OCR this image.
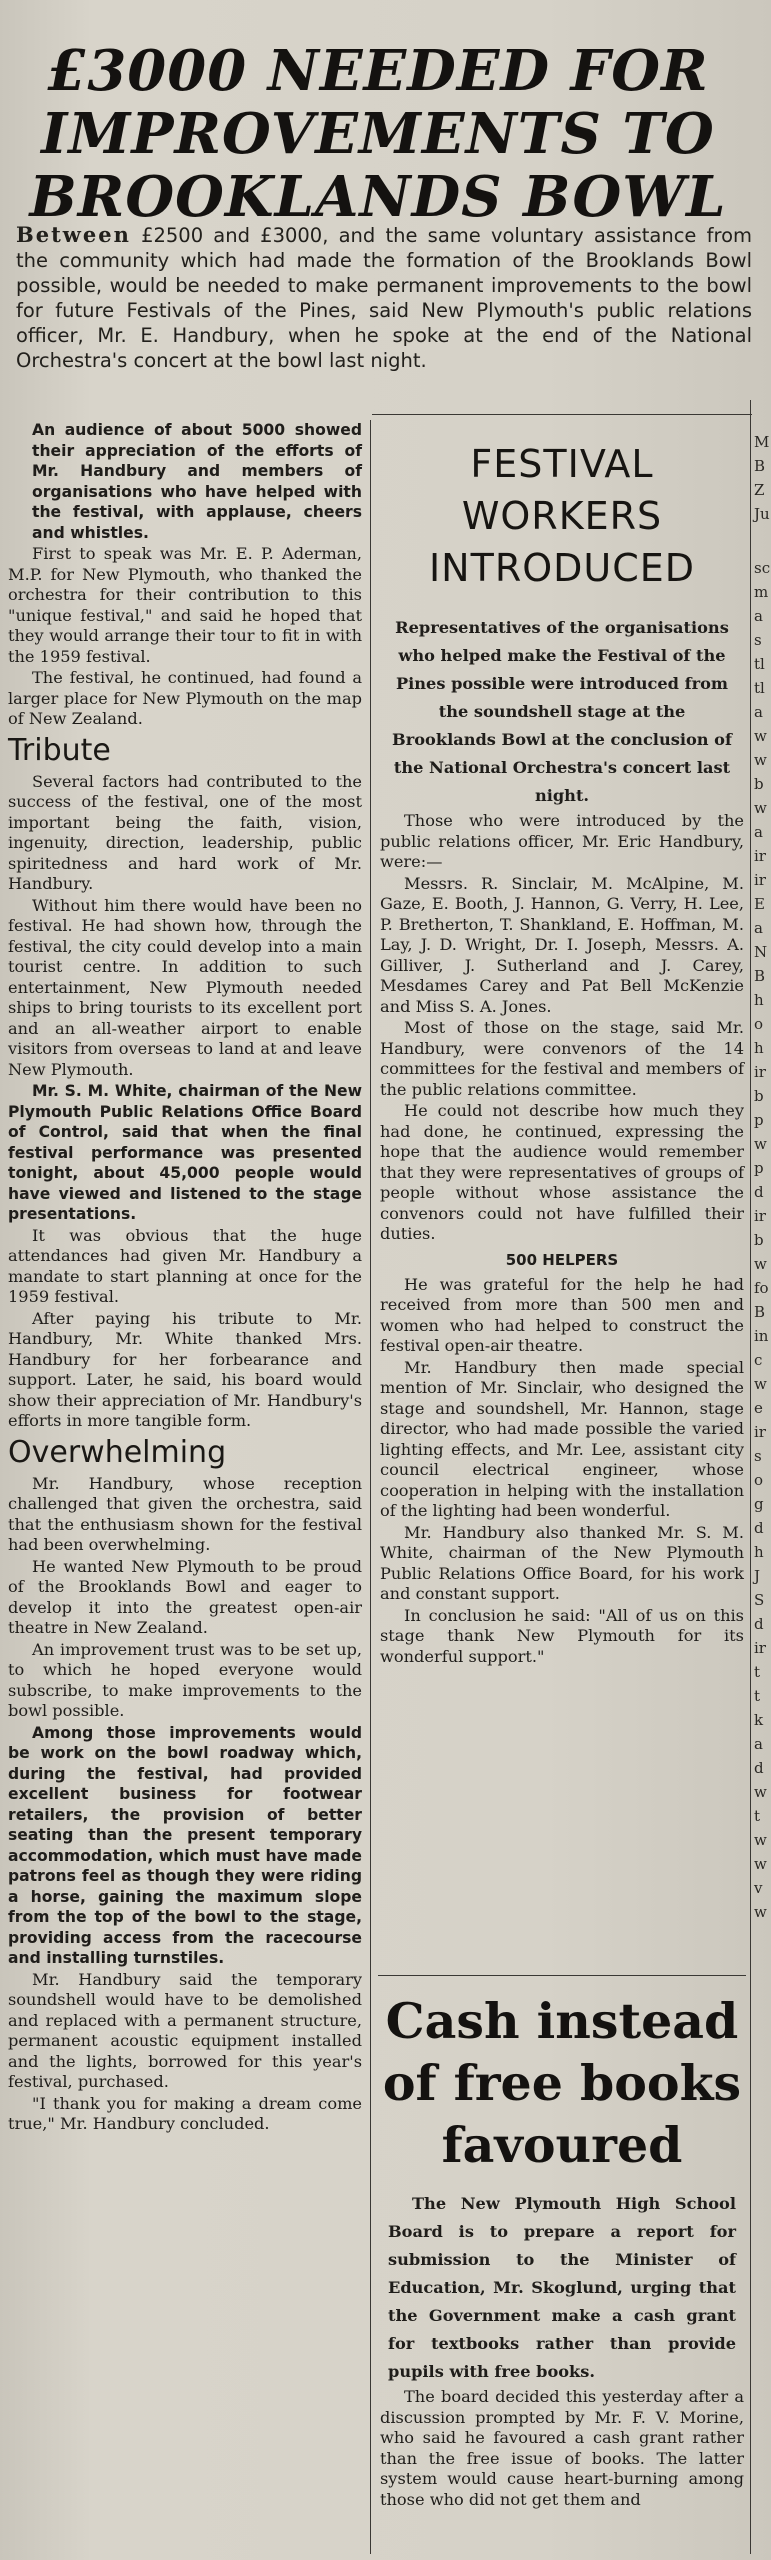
£3000 NEEDED FOR
IMPROVEMENTS TO
BROOKLANDS BOWL

Between £2500 and £3000, and the same voluntary assistance from the community which had made the formation of the Brooklands Bowl possible, would be needed to make permanent improvements to the bowl for future Festivals of the Pines, said New Plymouth's public relations officer, Mr. E. Handbury, when he spoke at the end of the National Orchestra's concert at the bowl last night.

An audience of about 5000 showed their appreciation of the efforts of Mr. Handbury and members of organisations who have helped with the festival, with applause, cheers and whistles.

First to speak was Mr. E. P. Aderman, M.P. for New Plymouth, who thanked the orchestra for their contribution to this "unique festival," and said he hoped that they would arrange their tour to fit in with the 1959 festival.

The festival, he continued, had found a larger place for New Plymouth on the map of New Zealand.

Tribute

Several factors had contributed to the success of the festival, one of the most important being the faith, vision, ingenuity, direction, leadership, public spiritedness and hard work of Mr. Handbury.

Without him there would have been no festival. He had shown how, through the festival, the city could develop into a main tourist centre. In addition to such entertainment, New Plymouth needed ships to bring tourists to its excellent port and an all-weather airport to enable visitors from overseas to land at and leave New Plymouth.

Mr. S. M. White, chairman of the New Plymouth Public Relations Office Board of Control, said that when the final festival performance was presented tonight, about 45,000 people would have viewed and listened to the stage presentations.

It was obvious that the huge attendances had given Mr. Handbury a mandate to start planning at once for the 1959 festival.

After paying his tribute to Mr. Handbury, Mr. White thanked Mrs. Handbury for her forbearance and support. Later, he said, his board would show their appreciation of Mr. Handbury's efforts in more tangible form.

Overwhelming

Mr. Handbury, whose reception challenged that given the orchestra, said that the enthusiasm shown for the festival had been overwhelming.

He wanted New Plymouth to be proud of the Brooklands Bowl and eager to develop it into the greatest open-air theatre in New Zealand.

An improvement trust was to be set up, to which he hoped everyone would subscribe, to make improvements to the bowl possible.

Among those improvements would be work on the bowl roadway which, during the festival, had provided excellent business for footwear retailers, the provision of better seating than the present temporary accommodation, which must have made patrons feel as though they were riding a horse, gaining the maximum slope from the top of the bowl to the stage, providing access from the racecourse and installing turnstiles.

Mr. Handbury said the temporary soundshell would have to be demolished and replaced with a permanent structure, permanent acoustic equipment installed and the lights, borrowed for this year's festival, purchased.

"I thank you for making a dream come true," Mr. Handbury concluded.

FESTIVAL
WORKERS
INTRODUCED

Representatives of the organisations who helped make the Festival of the Pines possible were introduced from the soundshell stage at the Brooklands Bowl at the conclusion of the National Orchestra's concert last night.

Those who were introduced by the public relations officer, Mr. Eric Handbury, were:—

Messrs. R. Sinclair, M. McAlpine, M. Gaze, E. Booth, J. Hannon, G. Verry, H. Lee, P. Bretherton, T. Shankland, E. Hoffman, M. Lay, J. D. Wright, Dr. I. Joseph, Messrs. A. Gilliver, J. Sutherland and J. Carey, Mesdames Carey and Pat Bell McKenzie and Miss S. A. Jones.

Most of those on the stage, said Mr. Handbury, were convenors of the 14 committees for the festival and members of the public relations committee.

He could not describe how much they had done, he continued, expressing the hope that the audience would remember that they were representatives of groups of people without whose assistance the convenors could not have fulfilled their duties.

500 HELPERS

He was grateful for the help he had received from more than 500 men and women who had helped to construct the festival open-air theatre.

Mr. Handbury then made special mention of Mr. Sinclair, who designed the stage and soundshell, Mr. Hannon, stage director, who had made possible the varied lighting effects, and Mr. Lee, assistant city council electrical engineer, whose cooperation in helping with the installation of the lighting had been wonderful.

Mr. Handbury also thanked Mr. S. M. White, chairman of the New Plymouth Public Relations Office Board, for his work and constant support.

In conclusion he said: "All of us on this stage thank New Plymouth for its wonderful support."

Cash instead
of free books
favoured

The New Plymouth High School Board is to prepare a report for submission to the Minister of Education, Mr. Skoglund, urging that the Government make a cash grant for textbooks rather than provide pupils with free books.

The board decided this yesterday after a discussion prompted by Mr. F. V. Morine, who said he favoured a cash grant rather than the free issue of books. The latter system would cause heart-burning among those who did not get them and

M
B
Z
Ju
sc
m
a
s
tl
tl
a
w
w
b
w
a
ir
ir
E
a
N
B
h
o
h
ir
b
p
w
p
d
ir
b
w
fo
B
in
c
w
e
ir
s
o
g
d
h
J
S
d
ir
t
t
k
a
d
w
t
w
w
v
w
